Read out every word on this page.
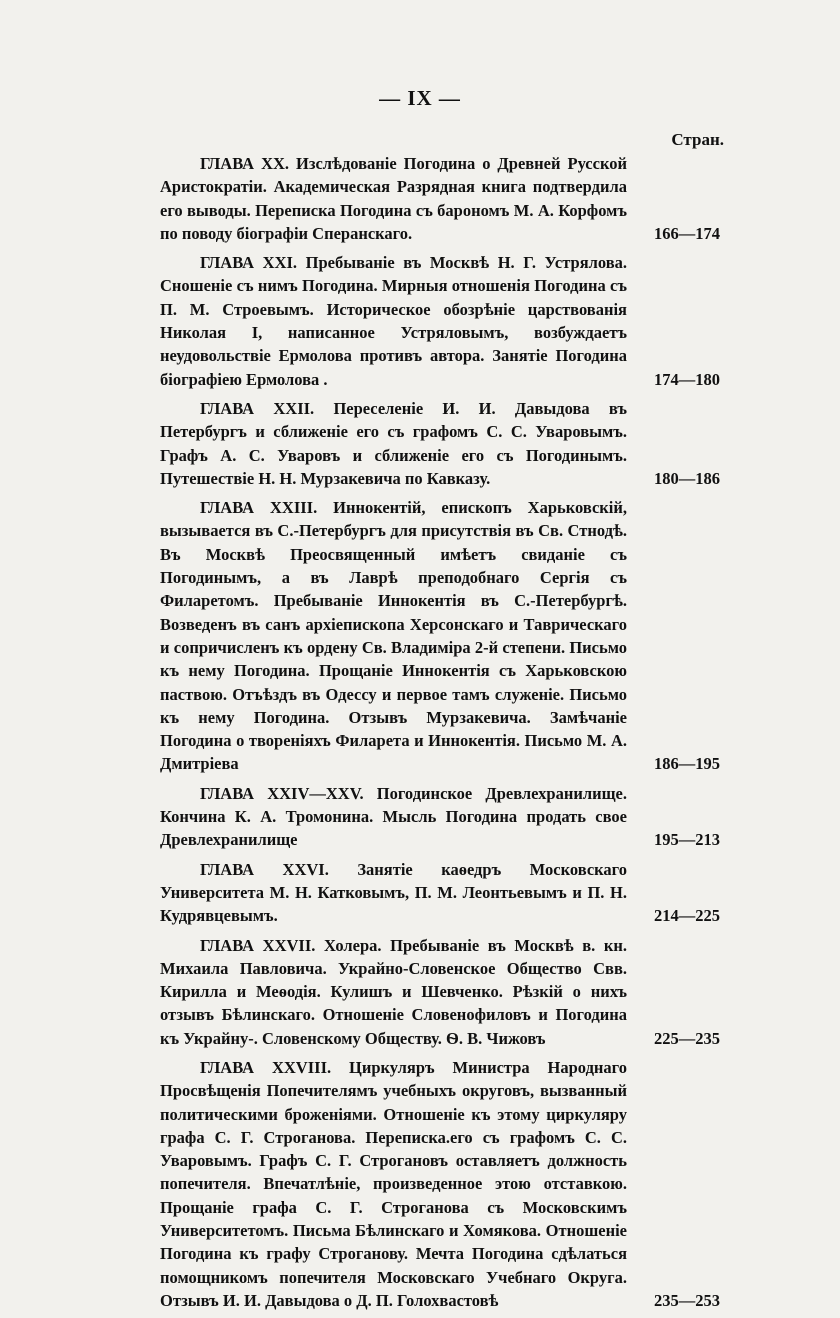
— IX —
Стран.
ГЛАВА XX. Изслѣдованiе Погодина о Древней Русской Аристократiи. Академическая Разрядная книга подтвердила его выводы. Переписка Погодина съ барономъ М. А. Корфомъ по поводу бiографiи Сперанскаго.	166—174
ГЛАВА XXI. Пребыванiе въ Москвѣ Н. Г. Устрялова. Сношенiе съ нимъ Погодина. Мирныя отношенiя Погодина съ П. М. Строевымъ. Историческое обозрѣнiе царствованiя Николая I, написанное Устряловымъ, возбуждаетъ неудовольствiе Ермолова противъ автора. Занятiе Погодина бiографiею Ермолова .	174—180
ГЛАВА XXII. Переселенiе И. И. Давыдова въ Петербургъ и сближенiе его съ графомъ С. С. Уваровымъ. Графъ А. С. Уваровъ и сближенiе его съ Погодинымъ. Путешествiе Н. Н. Мурзакевича по Кавказу.	180—186
ГЛАВА XXIII. Иннокентiй, епископъ Харьковскiй, вызывается въ С.-Петербургъ для присутствiя въ Св. Стнодѣ. Въ Москвѣ Преосвященный имѣетъ свиданiе съ Погодинымъ, а въ Лаврѣ преподобнаго Сергiя съ Филаретомъ. Пребыванiе Иннокентiя въ С.-Петербургѣ. Возведенъ въ санъ архiепископа Херсонскаго и Таврическаго и сопричисленъ къ ордену Св. Владимiра 2-й степени. Письмо къ нему Погодина. Прощанiе Иннокентiя съ Харьковскою паствою. Отъѣздъ въ Одессу и первое тамъ служенiе. Письмо къ нему Погодина. Отзывъ Мурзакевича. Замѣчанiе Погодина о творенiяхъ Филарета и Иннокентiя. Письмо М. А. Дмитрiева	186—195
ГЛАВА XXIV—XXV. Погодинское Древлехранилище. Кончина К. А. Тромонина. Мысль Погодина продать свое Древлехранилище	195—213
ГЛАВА XXVI. Занятiе каѳедръ Московскаго Университета М. Н. Катковымъ, П. М. Леонтьевымъ и П. Н. Кудрявцевымъ.	214—225
ГЛАВА XXVII. Холера. Пребыванiе въ Москвѣ в. кн. Михаила Павловича. Украйно-Словенское Общество Свв. Кирилла и Меѳодiя. Кулишъ и Шевченко. Рѣзкiй о нихъ отзывъ Бѣлинскаго. Отношенiе Словенофиловъ и Погодина къ Украйну-. Словенскому Обществу. Ѳ. В. Чижовъ	225—235
ГЛАВА XXVIII. Циркуляръ Министра Народнаго Просвѣщенiя Попечителямъ учебныхъ округовъ, вызванный политическими броженiями. Отношенiе къ этому циркуляру графа С. Г. Строганова. Переписка.его съ графомъ С. С. Уваровымъ. Графъ С. Г. Строгановъ оставляетъ должность попечителя. Впечатлѣнiе, произведенное этою отставкою. Прощанiе графа С. Г. Строганова съ Московскимъ Университетомъ. Письма Бѣлинскаго и Хомякова. Отношенiе Погодина къ графу Строганову. Мечта Погодина сдѣлаться помощникомъ попечителя Московскаго Учебнаго Округа. Отзывъ И. И. Давыдова о Д. П. Голохвастовѣ	235—253
